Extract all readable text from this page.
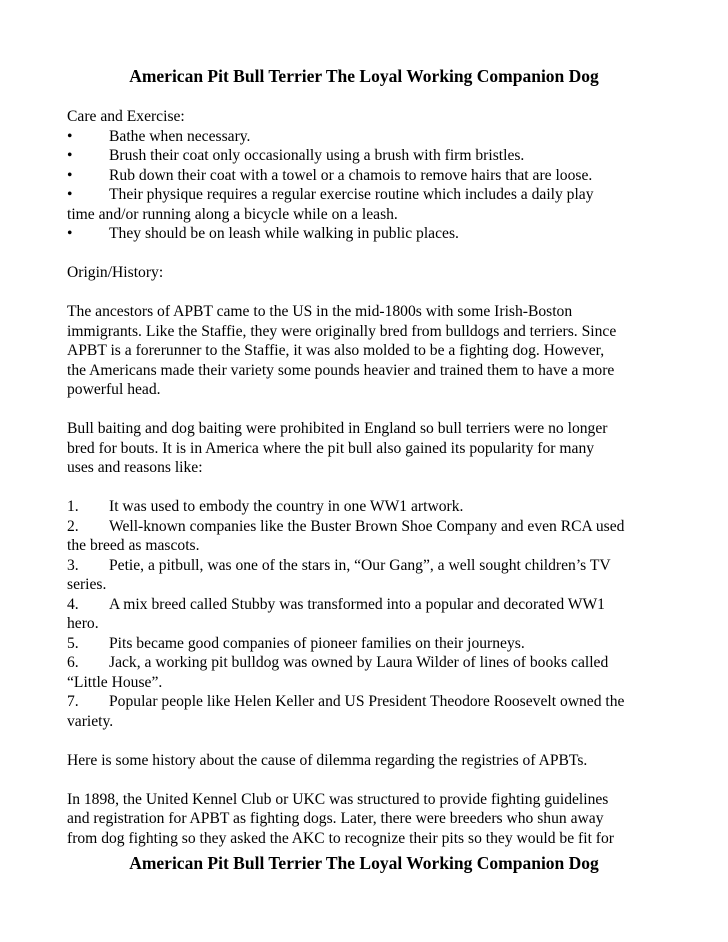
American Pit Bull Terrier The Loyal Working Companion Dog
Care and Exercise:
• Bathe when necessary.
• Brush their coat only occasionally using a brush with firm bristles.
• Rub down their coat with a towel or a chamois to remove hairs that are loose.
• Their physique requires a regular exercise routine which includes a daily play
time and/or running along a bicycle while on a leash.
• They should be on leash while walking in public places.
Origin/History:
The ancestors of APBT came to the US in the mid-1800s with some Irish-Boston
immigrants. Like the Staffie, they were originally bred from bulldogs and terriers. Since
APBT is a forerunner to the Staffie, it was also molded to be a fighting dog. However,
the Americans made their variety some pounds heavier and trained them to have a more
powerful head.
Bull baiting and dog baiting were prohibited in England so bull terriers were no longer
bred for bouts. It is in America where the pit bull also gained its popularity for many
uses and reasons like:
1. It was used to embody the country in one WW1 artwork.
2. Well-known companies like the Buster Brown Shoe Company and even RCA used
the breed as mascots.
3. Petie, a pitbull, was one of the stars in, “Our Gang”, a well sought children’s TV
series.
4. A mix breed called Stubby was transformed into a popular and decorated WW1
hero.
5. Pits became good companies of pioneer families on their journeys.
6. Jack, a working pit bulldog was owned by Laura Wilder of lines of books called
“Little House”.
7. Popular people like Helen Keller and US President Theodore Roosevelt owned the
variety.
Here is some history about the cause of dilemma regarding the registries of APBTs.
In 1898, the United Kennel Club or UKC was structured to provide fighting guidelines
and registration for APBT as fighting dogs. Later, there were breeders who shun away
from dog fighting so they asked the AKC to recognize their pits so they would be fit for
American Pit Bull Terrier The Loyal Working Companion Dog
